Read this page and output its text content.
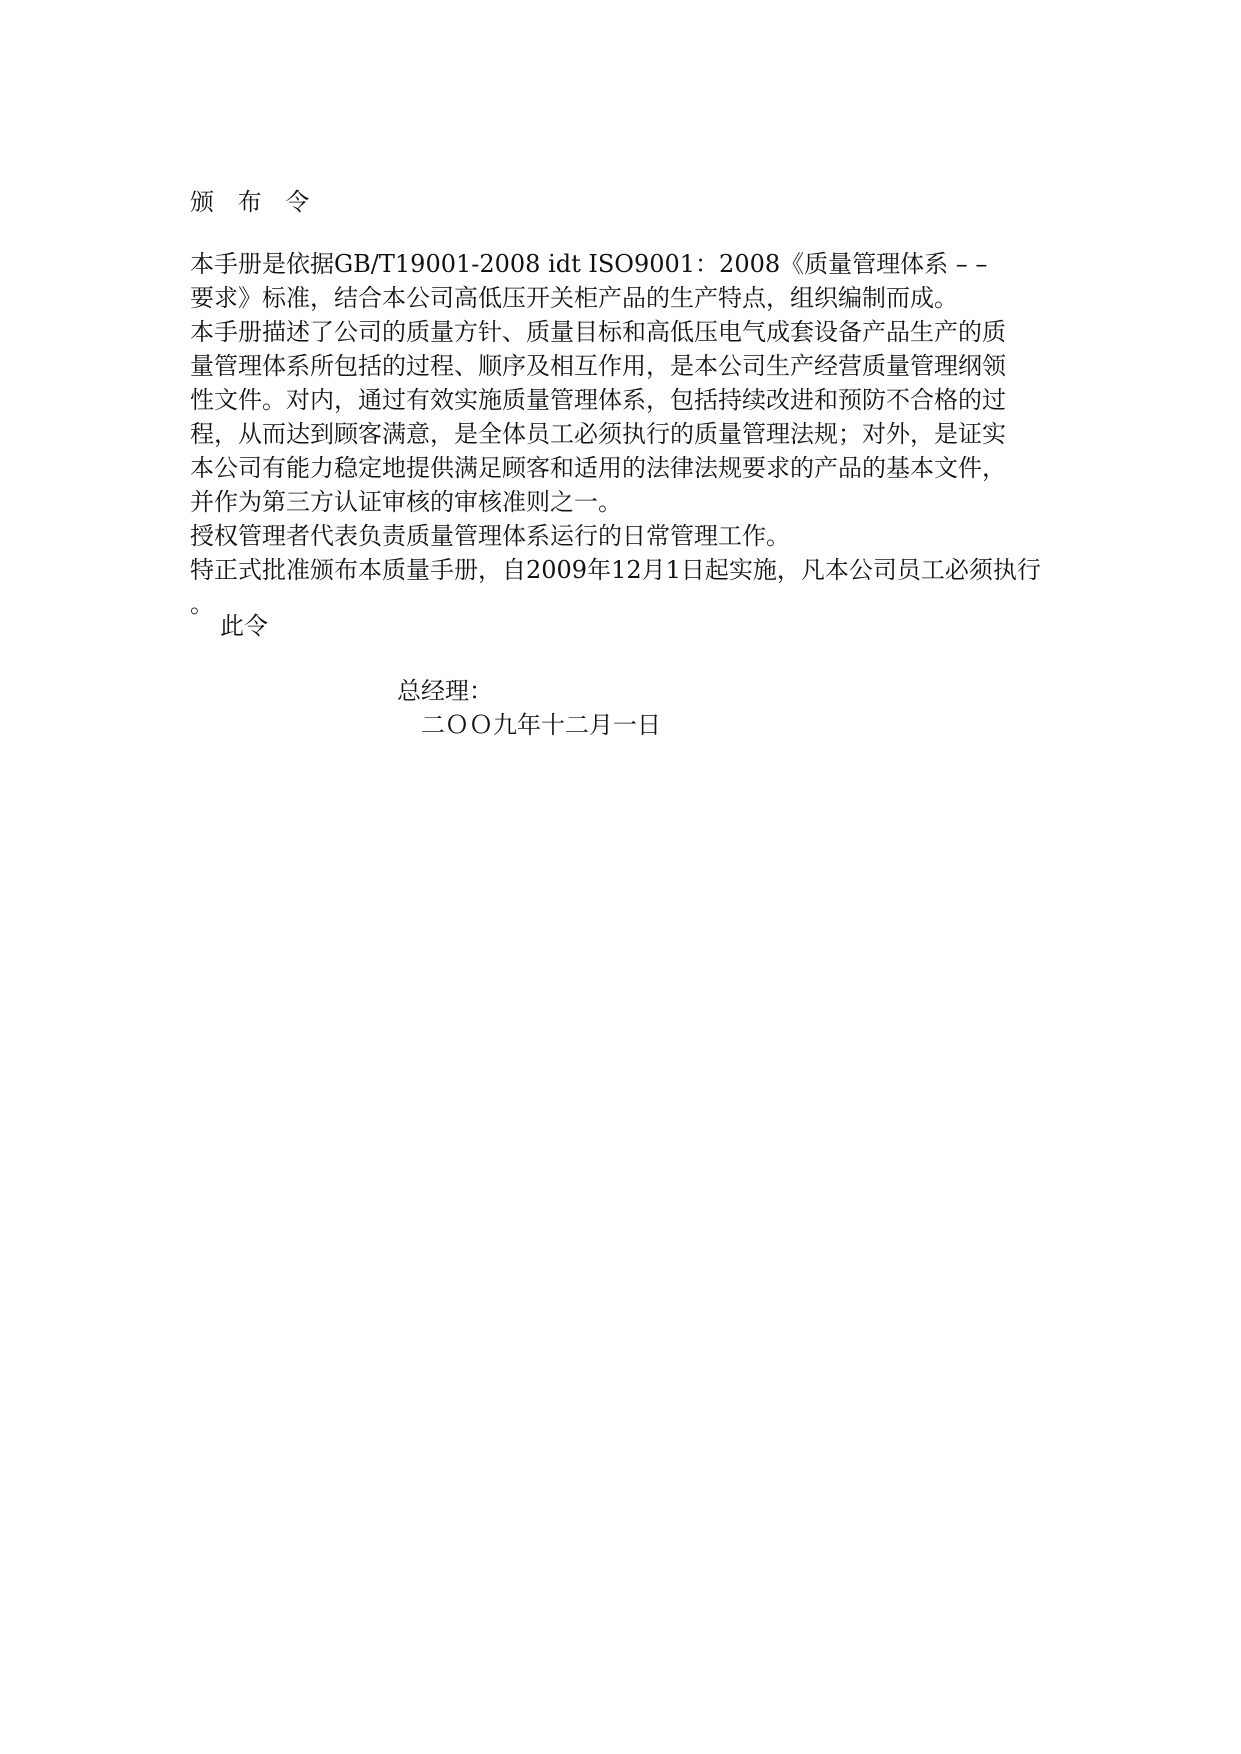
颁 布 令
本手册是依据GB/T19001-2008 idt ISO9001：2008《质量管理体系 – –
要求》标准，结合本公司高低压开关柜产品的生产特点，组织编制而成。
本手册描述了公司的质量方针、质量目标和高低压电气成套设备产品生产的质
量管理体系所包括的过程、顺序及相互作用，是本公司生产经营质量管理纲领
性文件。对内，通过有效实施质量管理体系，包括持续改进和预防不合格的过
程，从而达到顾客满意，是全体员工必须执行的质量管理法规；对外，是证实
本公司有能力稳定地提供满足顾客和适用的法律法规要求的产品的基本文件，
并作为第三方认证审核的审核准则之一。
授权管理者代表负责质量管理体系运行的日常管理工作。
特正式批准颁布本质量手册，自2009年12月1日起实施，凡本公司员工必须执行
。
此令
总经理：
二ＯＯ九年十二月一日
